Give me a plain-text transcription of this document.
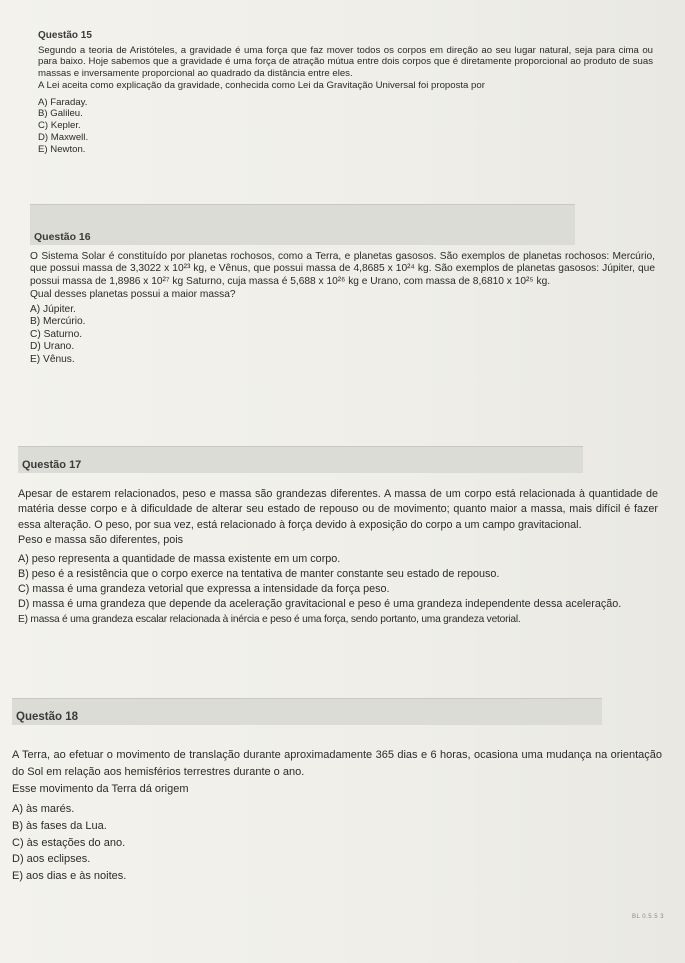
Questão 15

Segundo a teoria de Aristóteles, a gravidade é uma força que faz mover todos os corpos em direção ao seu lugar natural, seja para cima ou para baixo. Hoje sabemos que a gravidade é uma força de atração mútua entre dois corpos que é diretamente proporcional ao produto de suas massas e inversamente proporcional ao quadrado da distância entre eles.

A Lei aceita como explicação da gravidade, conhecida como Lei da Gravitação Universal foi proposta por

A) Faraday.

B) Galileu.

C) Kepler.

D) Maxwell.

E) Newton.

Questão 16

O Sistema Solar é constituído por planetas rochosos, como a Terra, e planetas gasosos. São exemplos de planetas rochosos: Mercúrio, que possui massa de 3,3022 x 10²³ kg, e Vênus, que possui massa de 4,8685 x 10²⁴ kg. São exemplos de planetas gasosos: Júpiter, que possui massa de 1,8986 x 10²⁷ kg Saturno, cuja massa é 5,688 x 10²⁶ kg e Urano, com massa de 8,6810 x 10²⁵ kg.

Qual desses planetas possui a maior massa?

A) Júpiter.

B) Mercúrio.

C) Saturno.

D) Urano.

E) Vênus.

Questão 17

Apesar de estarem relacionados, peso e massa são grandezas diferentes. A massa de um corpo está relacionada à quantidade de matéria desse corpo e à dificuldade de alterar seu estado de repouso ou de movimento; quanto maior a massa, mais difícil é fazer essa alteração. O peso, por sua vez, está relacionado à força devido à exposição do corpo a um campo gravitacional.

Peso e massa são diferentes, pois

A) peso representa a quantidade de massa existente em um corpo.

B) peso é a resistência que o corpo exerce na tentativa de manter constante seu estado de repouso.

C) massa é uma grandeza vetorial que expressa a intensidade da força peso.

D) massa é uma grandeza que depende da aceleração gravitacional e peso é uma grandeza independente dessa aceleração.

E) massa é uma grandeza escalar relacionada à inércia e peso é uma força, sendo portanto, uma grandeza vetorial.

Questão 18

A Terra, ao efetuar o movimento de translação durante aproximadamente 365 dias e 6 horas, ocasiona uma mudança na orientação do Sol em relação aos hemisférios terrestres durante o ano.

Esse movimento da Terra dá origem

A) às marés.

B) às fases da Lua.

C) às estações do ano.

D) aos eclipses.

E) aos dias e às noites.

BL 0.5.5 3
